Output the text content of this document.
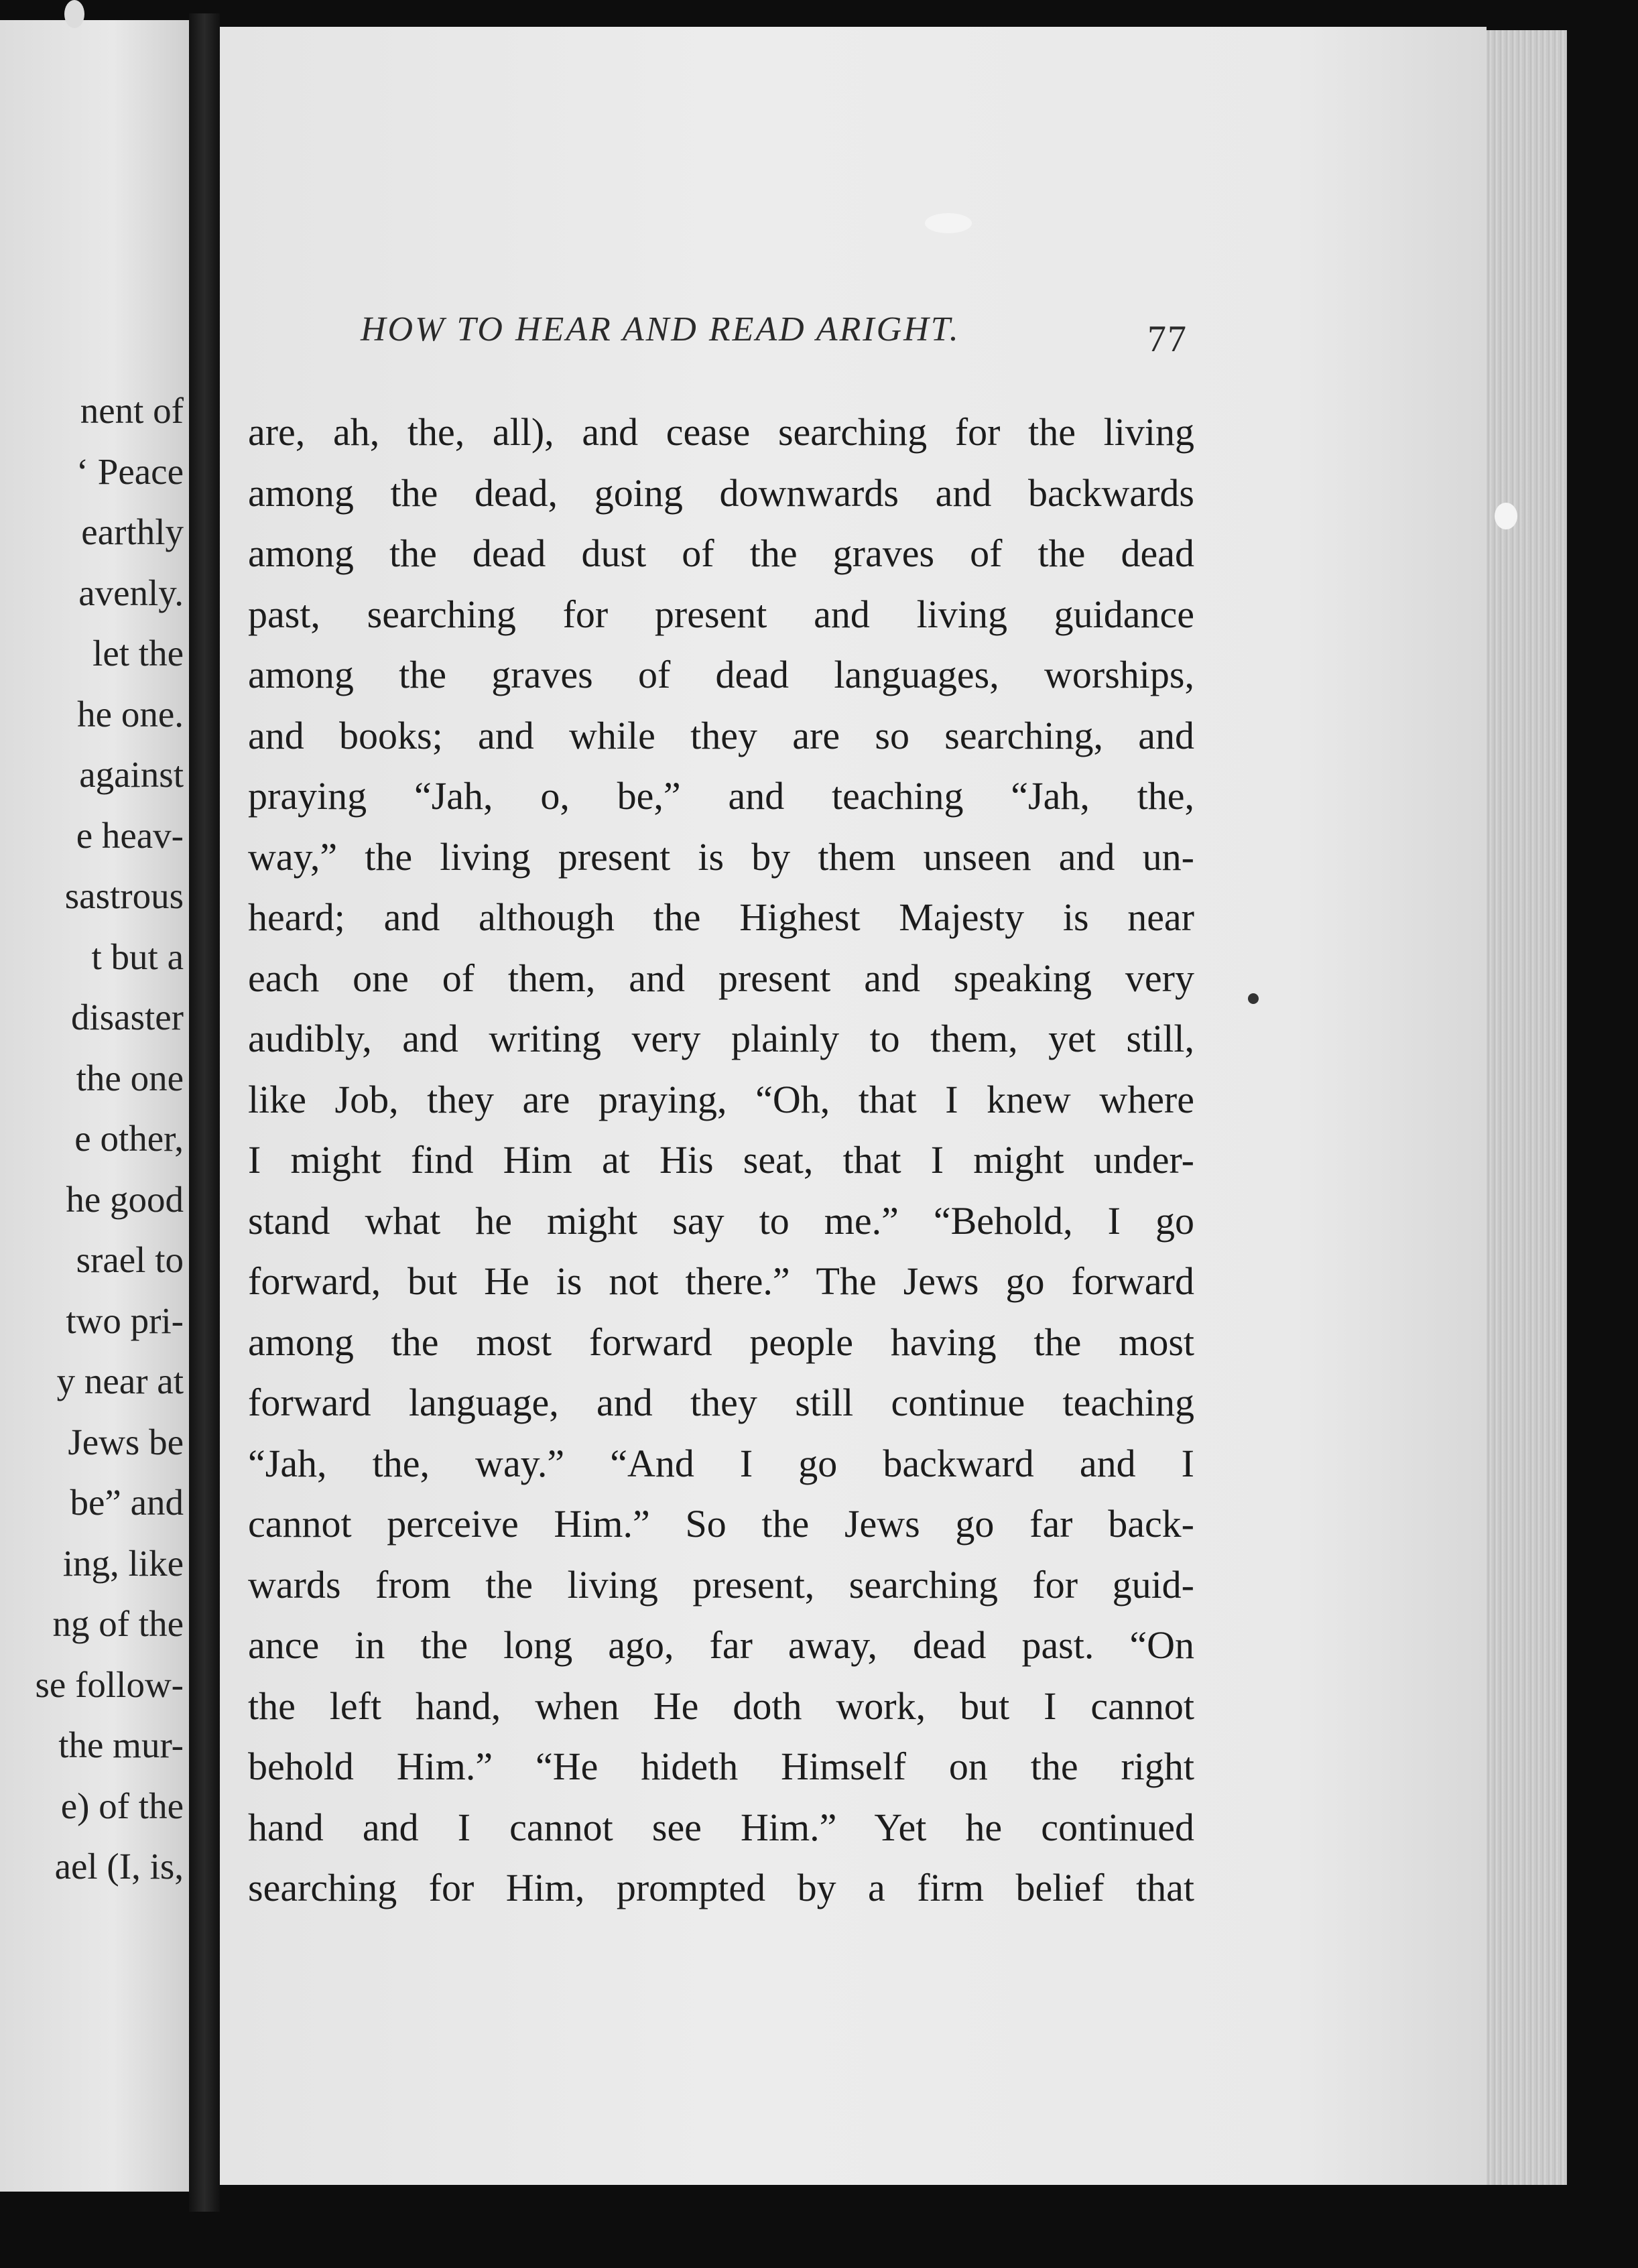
nent of
‘ Peace
earthly
avenly.
let the
he one.
against
e heav-
sastrous
t but a
disaster
the one
e other,
he good
srael to
two pri-
y near at
Jews be
be” and
ing, like
ng of the
se follow-
the mur-
e) of the
ael (I, is,
HOW TO HEAR AND READ ARIGHT.	77
are, ah, the, all), and cease searching for the living
among the dead, going downwards and backwards
among the dead dust of the graves of the dead
past, searching for present and living guidance
among the graves of dead languages, worships,
and books; and while they are so searching, and
praying “Jah, o, be,” and teaching “Jah, the,
way,” the living present is by them unseen and un-
heard; and although the Highest Majesty is near
each one of them, and present and speaking very
audibly, and writing very plainly to them, yet still,
like Job, they are praying, “Oh, that I knew where
I might find Him at His seat, that I might under-
stand what he might say to me.” “Behold, I go
forward, but He is not there.” The Jews go forward
among the most forward people having the most
forward language, and they still continue teaching
“Jah, the, way.” “And I go backward and I
cannot perceive Him.” So the Jews go far back-
wards from the living present, searching for guid-
ance in the long ago, far away, dead past. “On
the left hand, when He doth work, but I cannot
behold Him.” “He hideth Himself on the right
hand and I cannot see Him.” Yet he continued
searching for Him, prompted by a firm belief that
